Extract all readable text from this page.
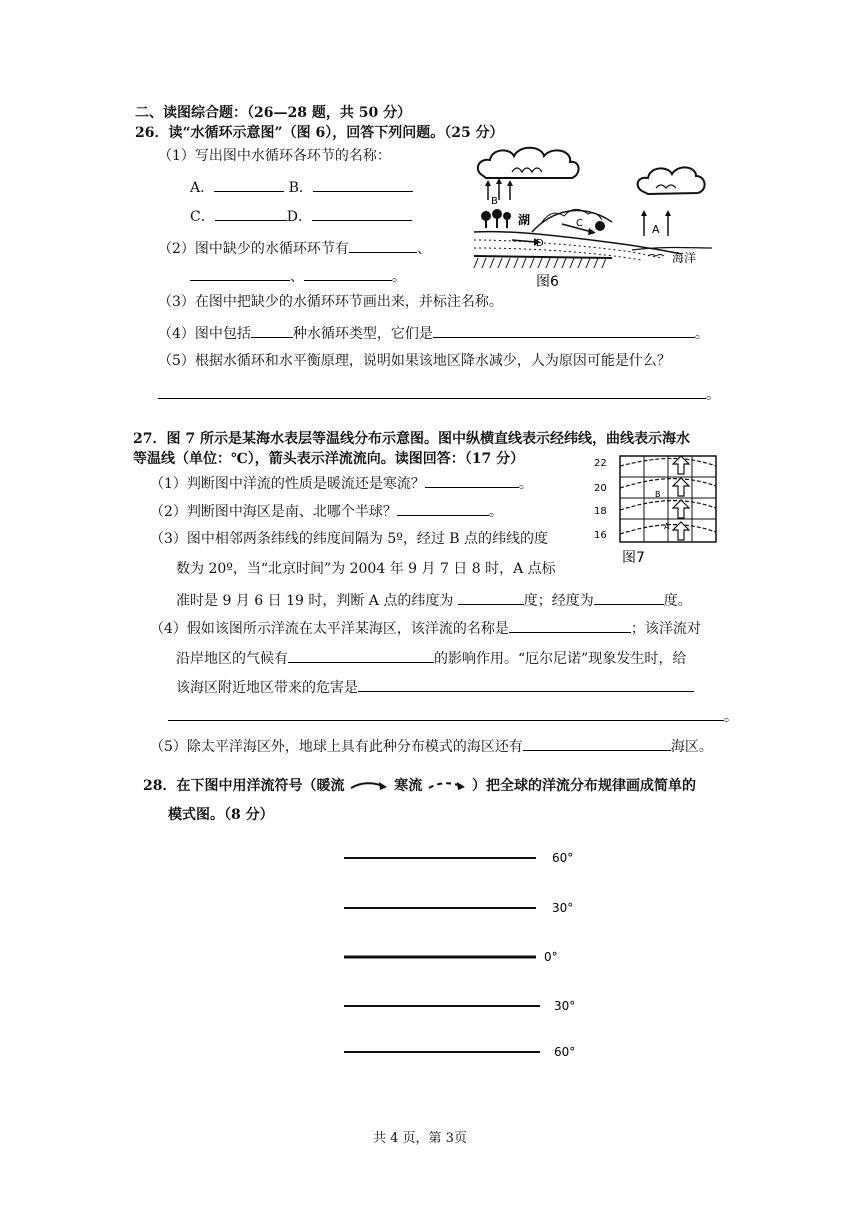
二、读图综合题：（26—28 题，共 50 分）
26．读“水循环示意图”（图 6），回答下列问题。（25 分）
（1）写出图中水循环各环节的名称：
A．	B．
C．	D．
（2）图中缺少的水循环环节有	、
、	。
B
A
湖	C
D
海洋
图6
（3）在图中把缺少的水循环环节画出来，并标注名称。
（4）图中包括	种水循环类型，它们是	。
（5）根据水循环和水平衡原理，说明如果该地区降水减少，人为原因可能是什么？
。
27．图 7 所示是某海水表层等温线分布示意图。图中纵横直线表示经纬线，曲线表示海水
等温线（单位：℃），箭头表示洋流流向。读图回答：（17 分）
（1）判断图中洋流的性质是暖流还是寒流？	。
（2）判断图中海区是南、北哪个半球？	。
（3）图中相邻两条纬线的纬度间隔为 5º，经过 B 点的纬线的度
数为 20º，当“北京时间”为 2004 年 9 月 7 日 8 时，A 点标
准时是 9 月 6 日 19 时，判断 A 点的纬度为	度；经度为	度。
22
20
18
16
B
A
图7
（4）假如该图所示洋流在太平洋某海区，该洋流的名称是	；该洋流对
沿岸地区的气候有	的影响作用。“厄尔尼诺”现象发生时，给
该海区附近地区带来的危害是
。
（5）除太平洋海区外，地球上具有此种分布模式的海区还有	海区。
28．在下图中用洋流符号（暖流	寒流	）把全球的洋流分布规律画成简单的
模式图。（8 分）
60°
30°
0°
30°
60°
共 4 页，第 3页
